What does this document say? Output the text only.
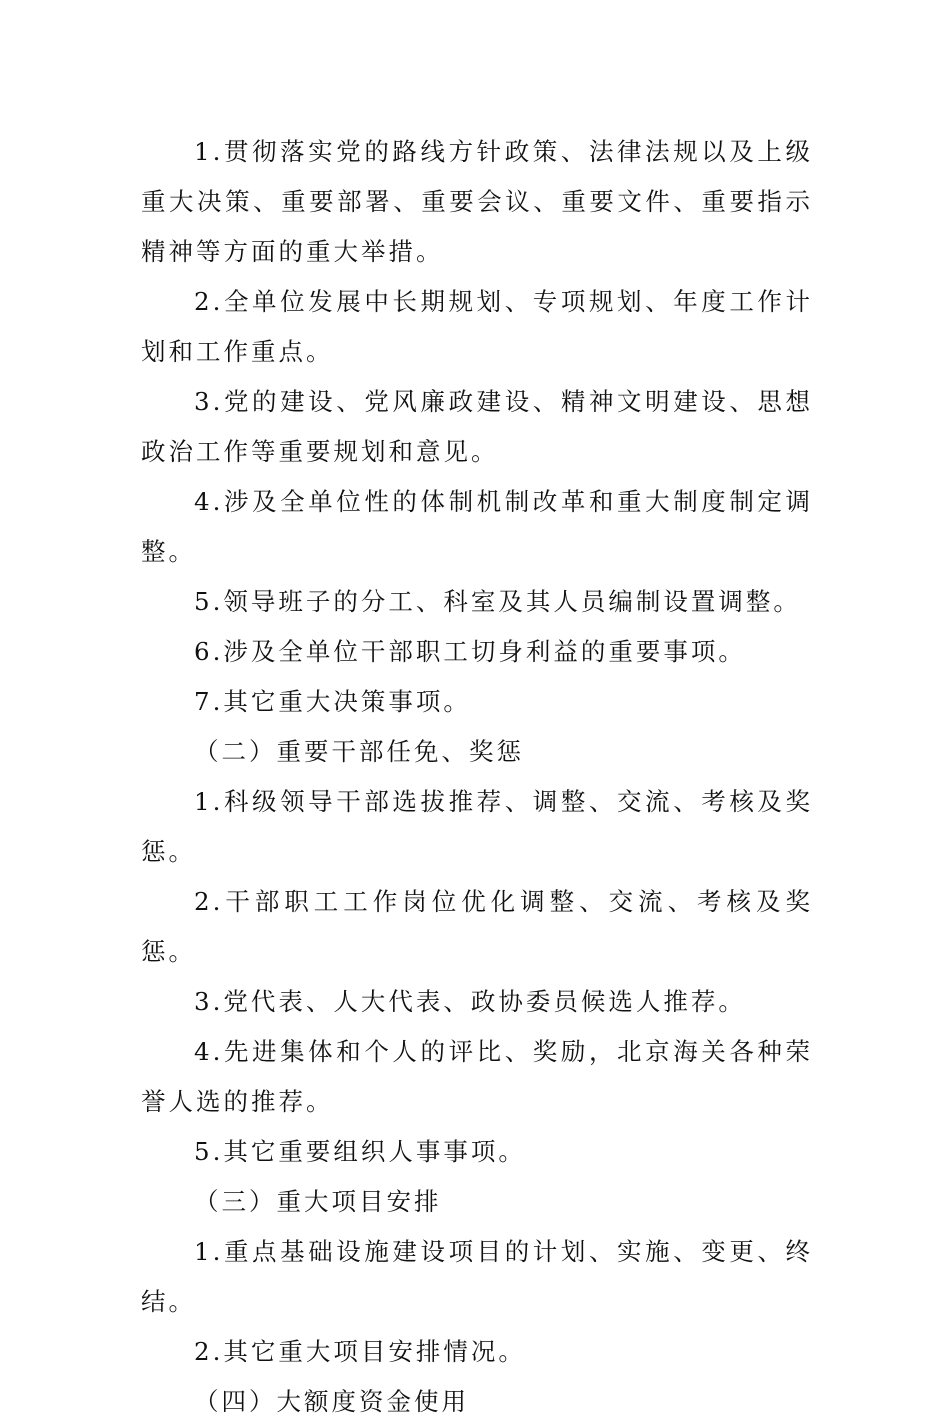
1.贯彻落实党的路线方针政策、法律法规以及上级重大决策、重要部署、重要会议、重要文件、重要指示精神等方面的重大举措。

2.全单位发展中长期规划、专项规划、年度工作计划和工作重点。

3.党的建设、党风廉政建设、精神文明建设、思想政治工作等重要规划和意见。

4.涉及全单位性的体制机制改革和重大制度制定调整。

5.领导班子的分工、科室及其人员编制设置调整。

6.涉及全单位干部职工切身利益的重要事项。

7.其它重大决策事项。

（二）重要干部任免、奖惩

1.科级领导干部选拔推荐、调整、交流、考核及奖惩。

2.干部职工工作岗位优化调整、交流、考核及奖惩。

3.党代表、人大代表、政协委员候选人推荐。

4.先进集体和个人的评比、奖励，北京海关各种荣誉人选的推荐。

5.其它重要组织人事事项。

（三）重大项目安排

1.重点基础设施建设项目的计划、实施、变更、终结。

2.其它重大项目安排情况。

（四）大额度资金使用
